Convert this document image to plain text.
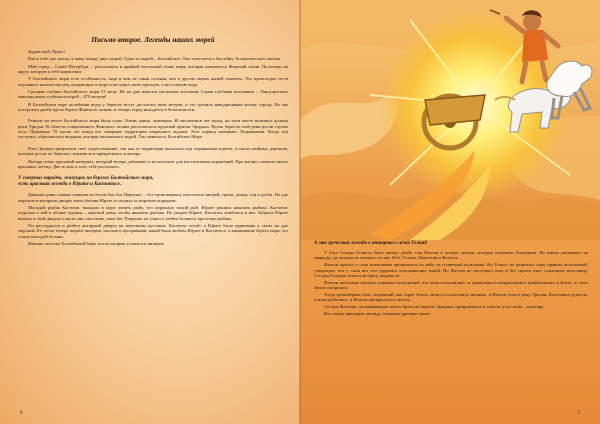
Письмо второе. Легенды наших морей

Здравствуй, Прую!

Как я тебе уже писал, я живу между двух морей. Одно из морей – Балтийское. Оно относится к бассейну Атлантического океана.

Мой город – Санкт-Петербург – расположен в крайней восточной точке моря, которая называется Финский залив. Посмотри на карту, которую я тебе нарисовал.

У Балтийского моря есть особенность, вода в нем не такая соленая, как в других морях нашей планеты. Это происходит из-за огромного количества рек, впадающих в море и несущих свою пресную, а не соленую воду.

Средняя глубина Балтийского моря 51 метр. Но на дне имеется несколько котловин. Самая глубокая котловина – Ландсортская: максимальная глубина которой – 470 метров!

В Балтийском море колебания воды у берегов могут достигать пяти метров, и это грозило наводнениями моему городу. Но мы построили дамбу вдоль берега Финского залива, и теперь город находится в безопасности.

Раньше на месте Балтийского моря была суша. Очень давно, примерно 40 миллионов лет назад, на этом месте возникла долина реки Эридан. В области современного Финского залива располагался крупный приток Эридана. Вдоль берегов этой реки росли глухие леса. Примерно 70 тысяч лет назад все северные территории покрылись льдами. Этот период называют Ледниковым. Когда лед отступил, образовалась впадина, которая заполнилась водой. Так появилось Балтийское Море.

Река Эридан прекратила свое существование, так как ее территория оказалась под ледниковым щитом, а смола хвойных деревьев, которые росли по берегам, окаменела и превратилась в янтарь.

Янтарь очень красивый материал, который теперь добывают и используют для изготовления украшений. Про янтарь сложено много красивых легенд. Две из них я хочу тебе рассказать.

У северных народов, живущих на берегах Балтийского моря,
есть красивая легенда о Юрате и Каститисе.

Давным-давно самым главным из богов был бог Перкунас – бог-громовержец, властитель вихрей, грома, дождя, гор и дубов. На дне морском в янтарном дворце жила богиня Юрате и следила за морским порядком.

Молодой рыбак Каститис выходил в море ловить рыбу, что нарушало покой рыб. Юрате решила наказать рыбака. Каститис подплыл к ней в облике чудища – морской девы, чтобы наказать рыбака. Но увидев Юрате, Каститис влюбился в нее. Забрала Юрате юношу в свой дворец и жили они счастливо, пока бог Перкунас не узнал о любви богини к простому рыбаку.

Он рассердился и разбил янтарный дворец на миллионы кусочков. Каститис погиб, а Юрате была прикована к скале на дне морском. Ее слезы теперь падают янтарем, чистым и прозрачным, какой была любовь Юрате и Каститиса, а заныкавшие берега моря, это стоны молодой богини.

Именно поэтому Балтийский берег после шторма усыпается янтарем.

6
А это греческая легенда о янтарных слезах Гелиад

У бога Солнца Гелиоса было пятеро детей: сын Фаэтон и четыре дочери, которых называли Гелиадами. Их имена указывают на природу, где каждая из четырех сестер: Фэб, Геллия, Лампетия и Фаэтуза.

Фаэтон просил у отца позволения прокатиться по небу на солнечной колеснице. Но Гелиос не разрешал сыну править колесницей, утверждая, что у сына нет сил удержать огнедышащих коней. Но Фаэтон не послушал отца и без спроса взял солнечную колесницу. Сестры Гелиады помогали брату запрячь ее.

Фаэтон настолько неумело управлял колесницей, что кони отклонились от правильного направления и приблизились к Земле, от чего Земля загорелась.

Тогда громовержец Зевс, видевший, как горит Земля, метнул в колесницу молнию, и Фаэтон упал в реку Эридан. Колесница рухнула, а кони разбились, и Фаэтон прекратился в мечты.

Сестры Фаэтона, оплакивающие своего брата на берегах Эридана, превратились в тополя, а их слезы – в янтарь.

Вот такую красивую легенду сочинили древние греки.

7
